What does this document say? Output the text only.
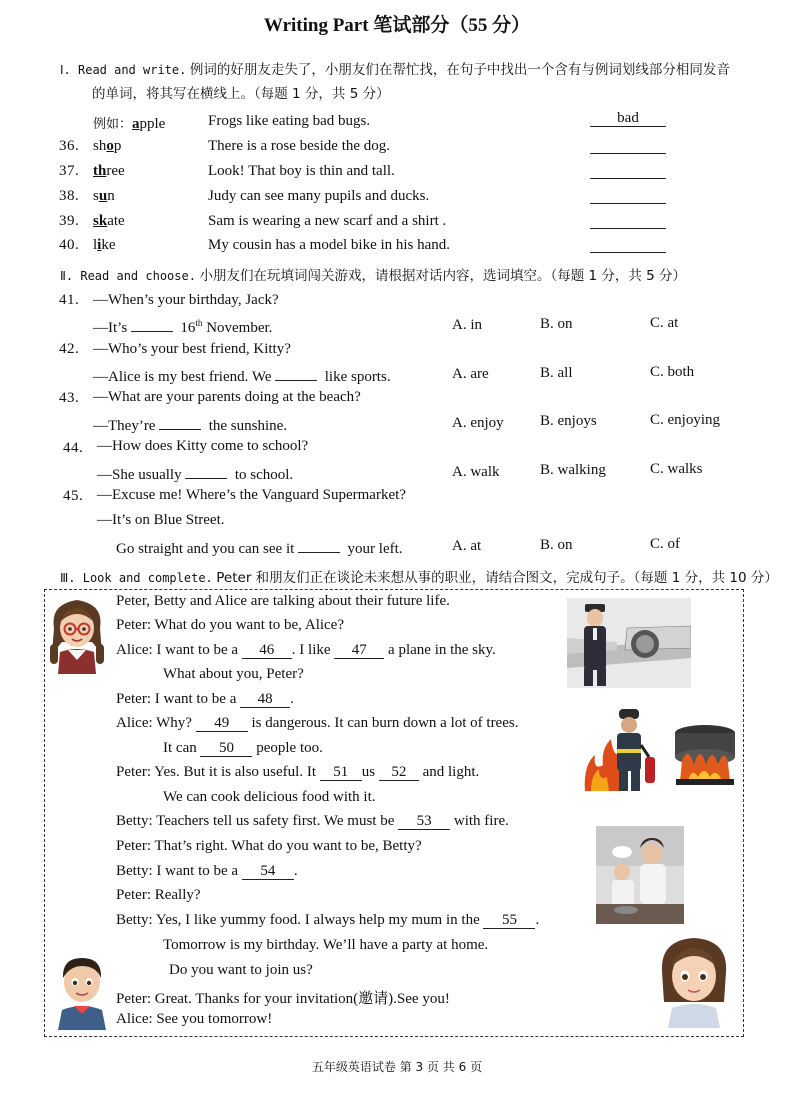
Writing Part 笔试部分（55 分）
Ⅰ. Read and write. 例词的好朋友走失了，小朋友们在帮忙找，在句子中找出一个含有与例词划线部分相同发音
的单词，将其写在横线上。（每题 1 分，共 5 分）
例如：apple	Frogs like eating bad bugs.	bad
36. shop	There is a rose beside the dog.
37. three	Look! That boy is thin and tall.
38. sun	Judy can see many pupils and ducks.
39. skate	Sam is wearing a new scarf and a shirt .
40. like	My cousin has a model bike in his hand.
Ⅱ. Read and choose. 小朋友们在玩填词闯关游戏，请根据对话内容，选词填空。（每题 1 分，共 5 分）
41. —When’s your birthday, Jack?
—It’s	16th November.	A. in	B. on	C. at
42. —Who’s your best friend, Kitty?
—Alice is my best friend. We	like sports.	A. are	B. all	C. both
43. —What are your parents doing at the beach?
—They’re	the sunshine.	A. enjoy B. enjoys	C. enjoying
44. —How does Kitty come to school?
—She usually	to school.	A. walk	B. walking	C. walks
45. —Excuse me! Where’s the Vanguard Supermarket?
—It’s on Blue Street.
Go straight and you can see it	your left.	A. at	B. on	C. of
Ⅲ. Look and complete. Peter 和朋友们正在谈论未来想从事的职业，请结合图文，完成句子。（每题 1 分，共 10 分）
Peter, Betty and Alice are talking about their future life.
Peter: What do you want to be, Alice?
Alice: I want to be a 46 . I like 47 a plane in the sky.
What about you, Peter?
Peter: I want to be a 48 .
Alice: Why? 49 is dangerous. It can burn down a lot of trees.
It can 50 people too.
Peter: Yes. But it is also useful. It 51 us 52 and light.
We can cook delicious food with it.
Betty: Teachers tell us safety first. We must be 53 with fire.
Peter: That’s right. What do you want to be, Betty?
Betty: I want to be a 54 .
Peter: Really?
Betty: Yes, I like yummy food. I always help my mum in the 55 .
Tomorrow is my birthday. We’ll have a party at home.
Do you want to join us?
Peter: Great. Thanks for your invitation(邀请).See you!
Alice: See you tomorrow!
五年级英语试卷 第 3 页 共 6 页
